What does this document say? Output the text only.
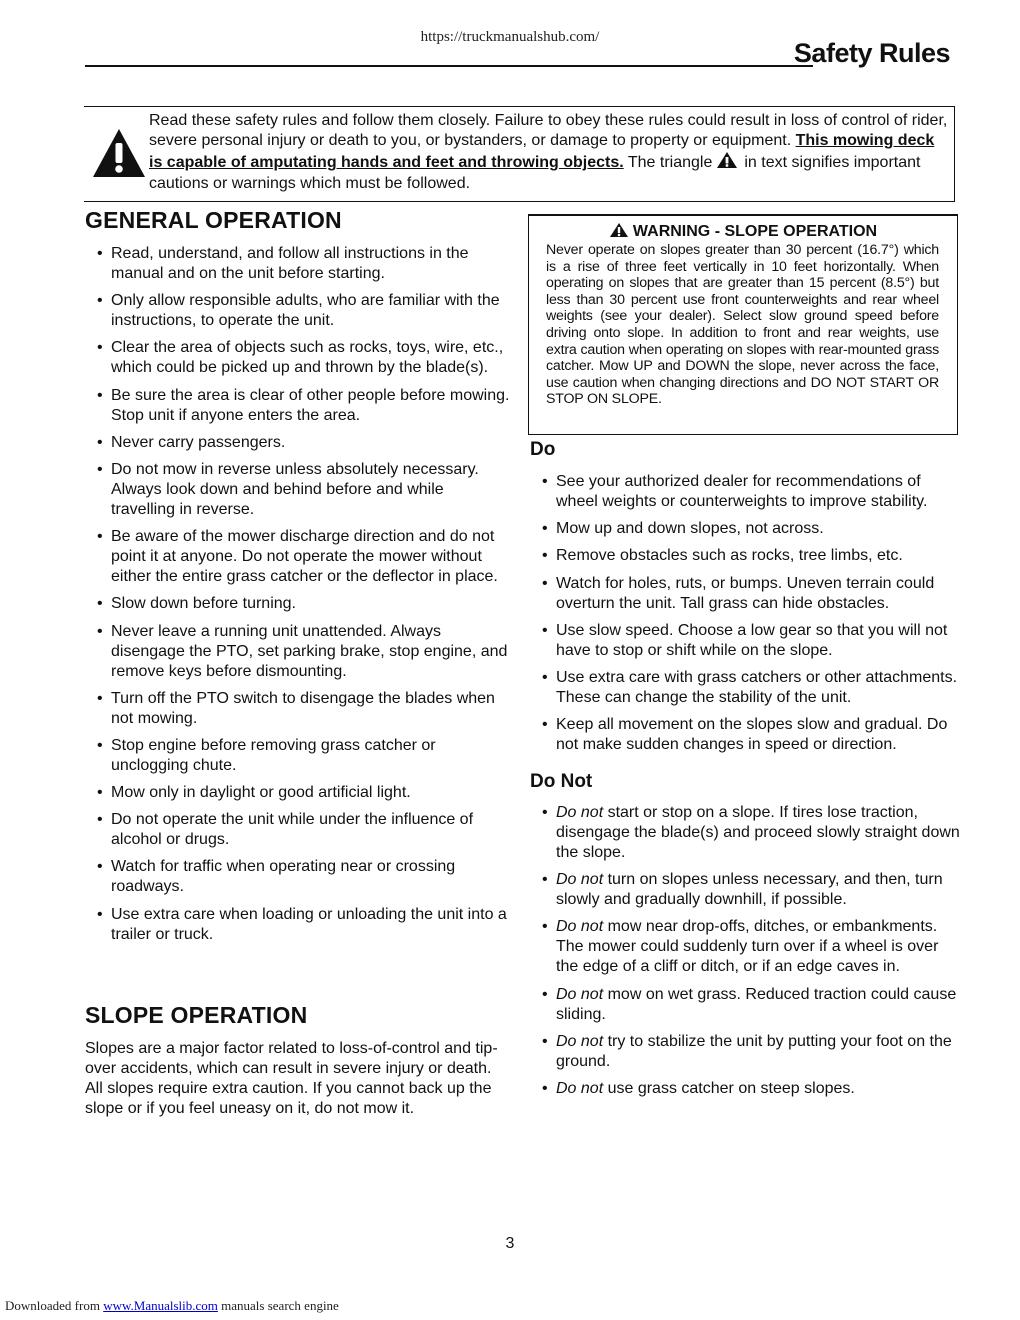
https://truckmanualshub.com/
Safety Rules
Read these safety rules and follow them closely. Failure to obey these rules could result in loss of control of rider, severe personal injury or death to you, or bystanders, or damage to property or equipment. This mowing deck is capable of amputating hands and feet and throwing objects. The triangle in text signifies important cautions or warnings which must be followed.
GENERAL OPERATION
• Read, understand, and follow all instructions in the manual and on the unit before starting.
• Only allow responsible adults, who are familiar with the instructions, to operate the unit.
• Clear the area of objects such as rocks, toys, wire, etc., which could be picked up and thrown by the blade(s).
• Be sure the area is clear of other people before mowing. Stop unit if anyone enters the area.
• Never carry passengers.
• Do not mow in reverse unless absolutely necessary. Always look down and behind before and while travelling in reverse.
• Be aware of the mower discharge direction and do not point it at anyone. Do not operate the mower without either the entire grass catcher or the deflector in place.
• Slow down before turning.
• Never leave a running unit unattended. Always disengage the PTO, set parking brake, stop engine, and remove keys before dismounting.
• Turn off the PTO switch to disengage the blades when not mowing.
• Stop engine before removing grass catcher or unclogging chute.
• Mow only in daylight or good artificial light.
• Do not operate the unit while under the influence of alcohol or drugs.
• Watch for traffic when operating near or crossing roadways.
• Use extra care when loading or unloading the unit into a trailer or truck.
SLOPE OPERATION
Slopes are a major factor related to loss-of-control and tip-over accidents, which can result in severe injury or death. All slopes require extra caution. If you cannot back up the slope or if you feel uneasy on it, do not mow it.
WARNING - SLOPE OPERATION
Never operate on slopes greater than 30 percent (16.7°) which is a rise of three feet vertically in 10 feet horizontally. When operating on slopes that are greater than 15 percent (8.5°) but less than 30 percent use front counterweights and rear wheel weights (see your dealer). Select slow ground speed before driving onto slope. In addition to front and rear weights, use extra caution when operating on slopes with rear-mounted grass catcher. Mow UP and DOWN the slope, never across the face, use caution when changing directions and DO NOT START OR STOP ON SLOPE.
Do
• See your authorized dealer for recommendations of wheel weights or counterweights to improve stability.
• Mow up and down slopes, not across.
• Remove obstacles such as rocks, tree limbs, etc.
• Watch for holes, ruts, or bumps. Uneven terrain could overturn the unit. Tall grass can hide obstacles.
• Use slow speed. Choose a low gear so that you will not have to stop or shift while on the slope.
• Use extra care with grass catchers or other attachments. These can change the stability of the unit.
• Keep all movement on the slopes slow and gradual. Do not make sudden changes in speed or direction.
Do Not
• Do not start or stop on a slope. If tires lose traction, disengage the blade(s) and proceed slowly straight down the slope.
• Do not turn on slopes unless necessary, and then, turn slowly and gradually downhill, if possible.
• Do not mow near drop-offs, ditches, or embankments. The mower could suddenly turn over if a wheel is over the edge of a cliff or ditch, or if an edge caves in.
• Do not mow on wet grass. Reduced traction could cause sliding.
• Do not try to stabilize the unit by putting your foot on the ground.
• Do not use grass catcher on steep slopes.
3
Downloaded from www.Manualslib.com manuals search engine
